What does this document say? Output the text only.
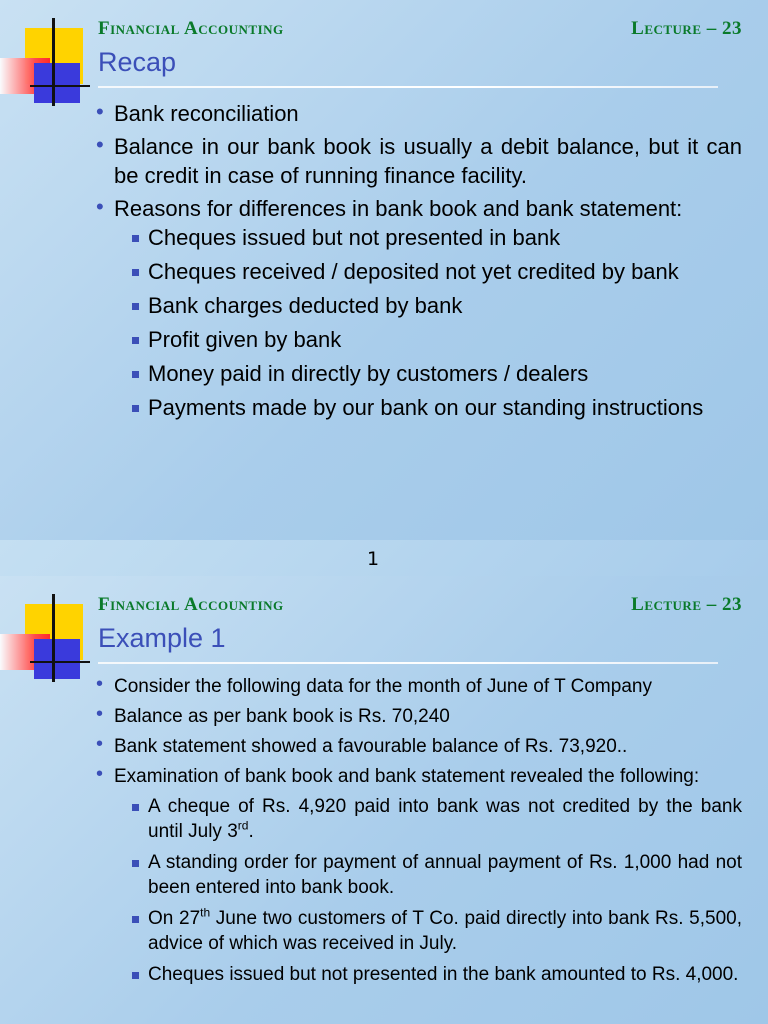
Financial Accounting	Lecture – 23
Recap
• Bank reconciliation
• Balance in our bank book is usually a debit balance, but it can be credit in case of running finance facility.
• Reasons for differences in bank book and bank statement:
Cheques issued but not presented in bank
Cheques received / deposited not yet credited by bank
Bank charges deducted by bank
Profit given by bank
Money paid in directly by customers / dealers
Payments made by our bank on our standing instructions
1
Financial Accounting	Lecture – 23
Example 1
• Consider the following data for the month of June of T Company
• Balance as per bank book is Rs. 70,240
• Bank statement showed a favourable balance of Rs. 73,920..
• Examination of bank book and bank statement revealed the following:
A cheque of Rs. 4,920 paid into bank was not credited by the bank until July 3rd.
A standing order for payment of annual payment of Rs. 1,000 had not been entered into bank book.
On 27th June two customers of T Co. paid directly into bank Rs. 5,500, advice of which was received in July.
Cheques issued but not presented in the bank amounted to Rs. 4,000.
